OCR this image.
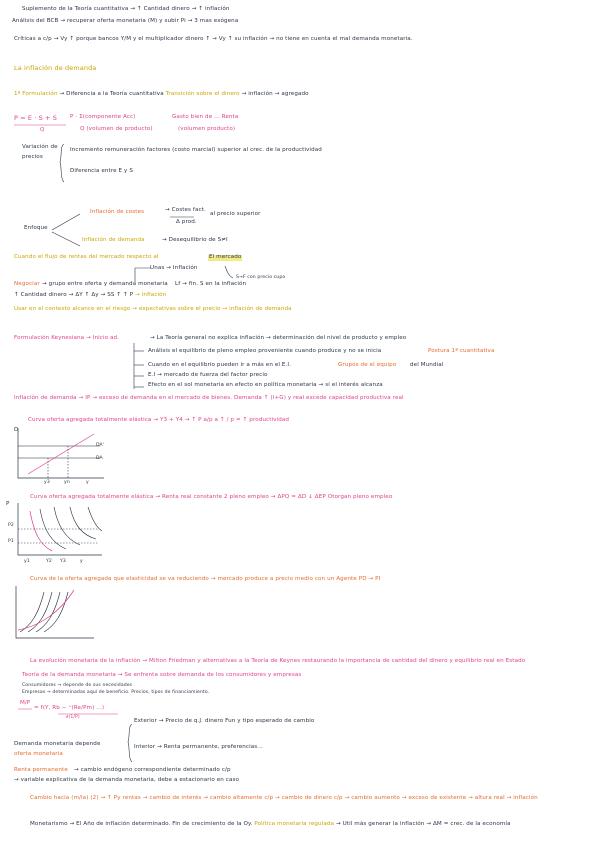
Suplemento de la Teoría cuantitativa → ↑ Cantidad dinero → ↑ inflación
Análisis del BCB → recuperar oferta monetaria (M) y subir Pi → 3 mas exógena
Críticas a c/p → Vy ↑ porque bancos Y/M y el multiplicador dinero ↑ → Vy ↑ su inflación → no tiene en cuenta el mal demanda monetaria.
La inflación de demanda
1ª Formulación → Diferencia a la Teoría cuantitativa Transición sobre el dinero → inflación → agregado
P = E · S + S
Q
P · Σ(componente Acc)
Q (volumen de producto)
Gasto bien de ... Renta
(volumen producto)
Variación de
precios
Incremento remuneración factores (costo marcial) superior al crec. de la productividad
Diferencia entre E y S
Enfoque
Inflación de costes	→ Costes fact.
Δ prod.
al precio superior
Inflación de demanda	→ Desequilibrio de S≠I
Cuando el flujo de rentas del mercado respecto al	El mercado
Negociar → grupo entre oferta y demanda monetaria Lf → fin. S en la inflación
S→F con precio cupo
Unas → Inflación
↑ Cantidad dinero → ΔY ↑ Δy → SS ↑ ↑ P → inflación
Usar en el contexto alcance en el riesgo → expectativas sobre el precio → inflación de demanda
Formulación Keynesiana → Inicio ad.	→ La Teoría general no explica inflación → determinación del nivel de producto y empleo
Análisis el equilibrio de pleno empleo proveniente cuando produce y no se inicia	Postura 1ª cuantitativa
Cuando en el equilibrio pueden ir a más en el E.I.	Grupos de el equipo del Mundial
E.I → mercado de fuerza del factor precio
Efecto en el sol monetaria en efecto en política monetaria → si el interés alcanza
Inflación de demanda → IP → exceso de demanda en el mercado de bienes. Demanda ↑ (I+G) y real excede capacidad productiva real
Curva oferta agregada totalmente elástica → Y3 + Y4 → ↑ P a/p a ↑ / p = ↑ productividad
D
DA'
DA
y3	yn	y
Curva oferta agregada totalmente elástica → Renta real constante 2 pleno empleo → ΔPQ = ΔD ↓ ΔEP Otorgan pleno empleo
P
P2
P1
y1	Y2 Y3	y
Curva de la oferta agregada que elasticidad se va reduciendo → mercado produce a precio medio con un Agente PD → PI
La evolución monetaria de la inflación → Milton Friedman y alternativas a la Teoría de Keynes restaurando la importancia de cantidad del dinero y equilibrio real en Estado
Teoría de la demanda monetaria → Se enfrenta sobre demanda de los consumidores y empresas
Consumidores → depende de sus necesidades
Empresas → determinadas aquí de beneficio. Precios, tipos de financiamiento.
M/P
= f(Y, Rb − ⁺(Re/Pm) ...)
∂(1/P)
Demanda monetaria depende
oferta monetaria
Exterior → Precio de q.J. dinero Fun y tipo esperado de cambio
Interior → Renta permanente, preferencias...
Renta permanente → cambio endógeno correspondiente determinado c/p
→ variable explicativa de la demanda monetaria, debe a estacionario en caso
Cambio hacia (m/la) (2) → ↑ Py rentas → cambio de interés → cambio altamente c/p → cambio de dinero c/p → cambio aumento → exceso de existente → altura real → inflación
Monetarismo → El Año de inflación determinado. Fin de crecimiento de la Oy. Política monetaria regulada → Util más generar la inflación → ΔM = crec. de la economía
